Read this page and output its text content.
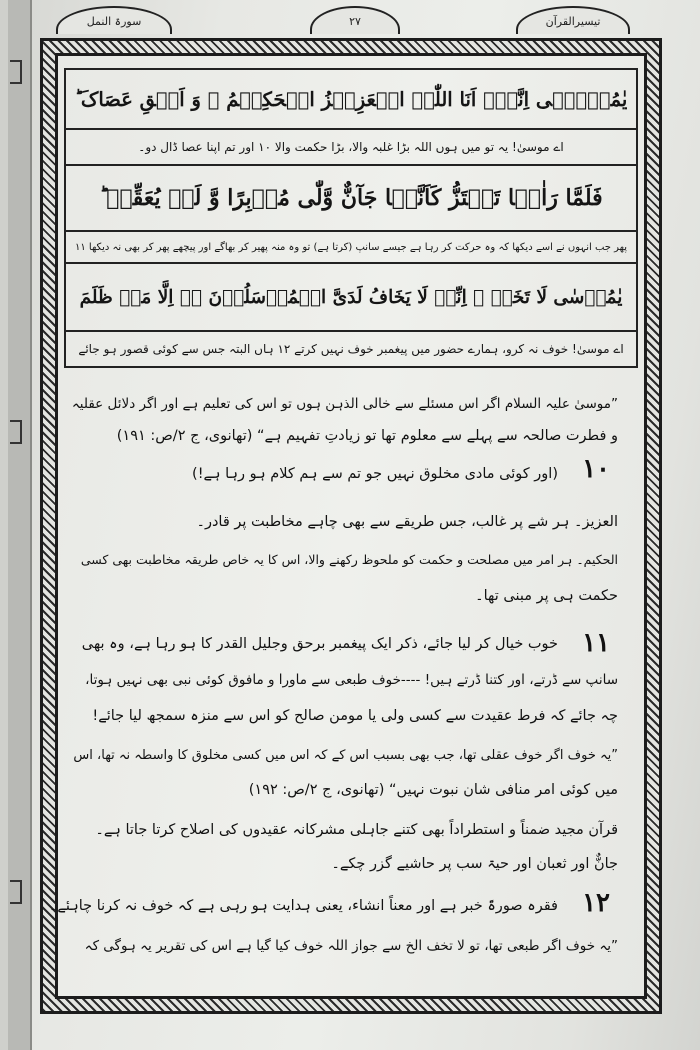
سورۃ النمل	۲۷	تیسیرالقرآن
یٰمُوۡسٰۤی اِنَّہٗۤ اَنَا اللّٰہُ الۡعَزِیۡزُ الۡحَکِیۡمُ ۙ وَ اَلۡقِ عَصَاکَ ؕ
اے موسیٰ! یہ تو میں ہوں اللہ بڑا غلبہ والا، بڑا حکمت والا ۱۰ اور تم اپنا عصا ڈال دو۔
فَلَمَّا رَاٰہَا تَہۡتَزُّ کَاَنَّہَا جَآنٌّ وَّلّٰی مُدۡبِرًا وَّ لَمۡ یُعَقِّبۡ ؕ
پھر جب انہوں نے اسے دیکھا کہ وہ حرکت کر رہا ہے جیسے سانپ (کرتا ہے) تو وہ منہ پھیر کر بھاگے اور پیچھے پھر کر بھی نہ دیکھا ۱۱
یٰمُوۡسٰی لَا تَخَفۡ ۟ اِنِّیۡ لَا یَخَافُ لَدَیَّ الۡمُرۡسَلُوۡنَ ۟ۖ اِلَّا مَنۡ ظَلَمَ
اے موسیٰ! خوف نہ کرو، ہمارے حضور میں پیغمبر خوف نہیں کرتے ۱۲ ہاں البتہ جس سے کوئی قصور ہو جائے
”موسیٰ علیہ السلام اگر اس مسئلے سے خالی الذہن ہوں تو اس کی تعلیم ہے اور اگر دلائل عقلیہ
و فطرت صالحہ سے پہلے سے معلوم تھا تو زیادتِ تفہیم ہے“ (تھانوی، ج ۲/ص: ۱۹۱)
۱۰
(اور کوئی مادی مخلوق نہیں جو تم سے ہم کلام ہو رہا ہے!)
العزیز۔ ہر شے پر غالب، جس طریقے سے بھی چاہے مخاطبت پر قادر۔
الحکیم۔ ہر امر میں مصلحت و حکمت کو ملحوظ رکھنے والا، اس کا یہ خاص طریقہ مخاطبت بھی کسی
حکمت ہی پر مبنی تھا۔
۱۱
خوب خیال کر لیا جائے، ذکر ایک پیغمبر برحق وجلیل القدر کا ہو رہا ہے، وہ بھی
سانپ سے ڈرتے، اور کتنا ڈرتے ہیں! ----خوف طبعی سے ماورا و مافوق کوئی نبی بھی نہیں ہوتا،
چہ جائے کہ فرط عقیدت سے کسی ولی یا مومن صالح کو اس سے منزہ سمجھ لیا جائے!
”یہ خوف اگر خوف عقلی تھا، جب بھی بسبب اس کے کہ اس میں کسی مخلوق کا واسطہ نہ تھا، اس
میں کوئی امر منافی شان نبوت نہیں“ (تھانوی، ج ۲/ص: ۱۹۲)
قرآن مجید ضمناً و استطراداً بھی کتنے جاہلی مشرکانہ عقیدوں کی اصلاح کرتا جاتا ہے۔
جانٌّ اور ثعبان اور حیۃ سب پر حاشیے گزر چکے۔
۱۲
فقرہ صورۃً خبر ہے اور معناً انشاء، یعنی ہدایت ہو رہی ہے کہ خوف نہ کرنا چاہئے۔
”یہ خوف اگر طبعی تھا، تو لا تخف الخ سے جواز اللہ خوف کیا گیا ہے اس کی تقریر یہ ہوگی کہ
